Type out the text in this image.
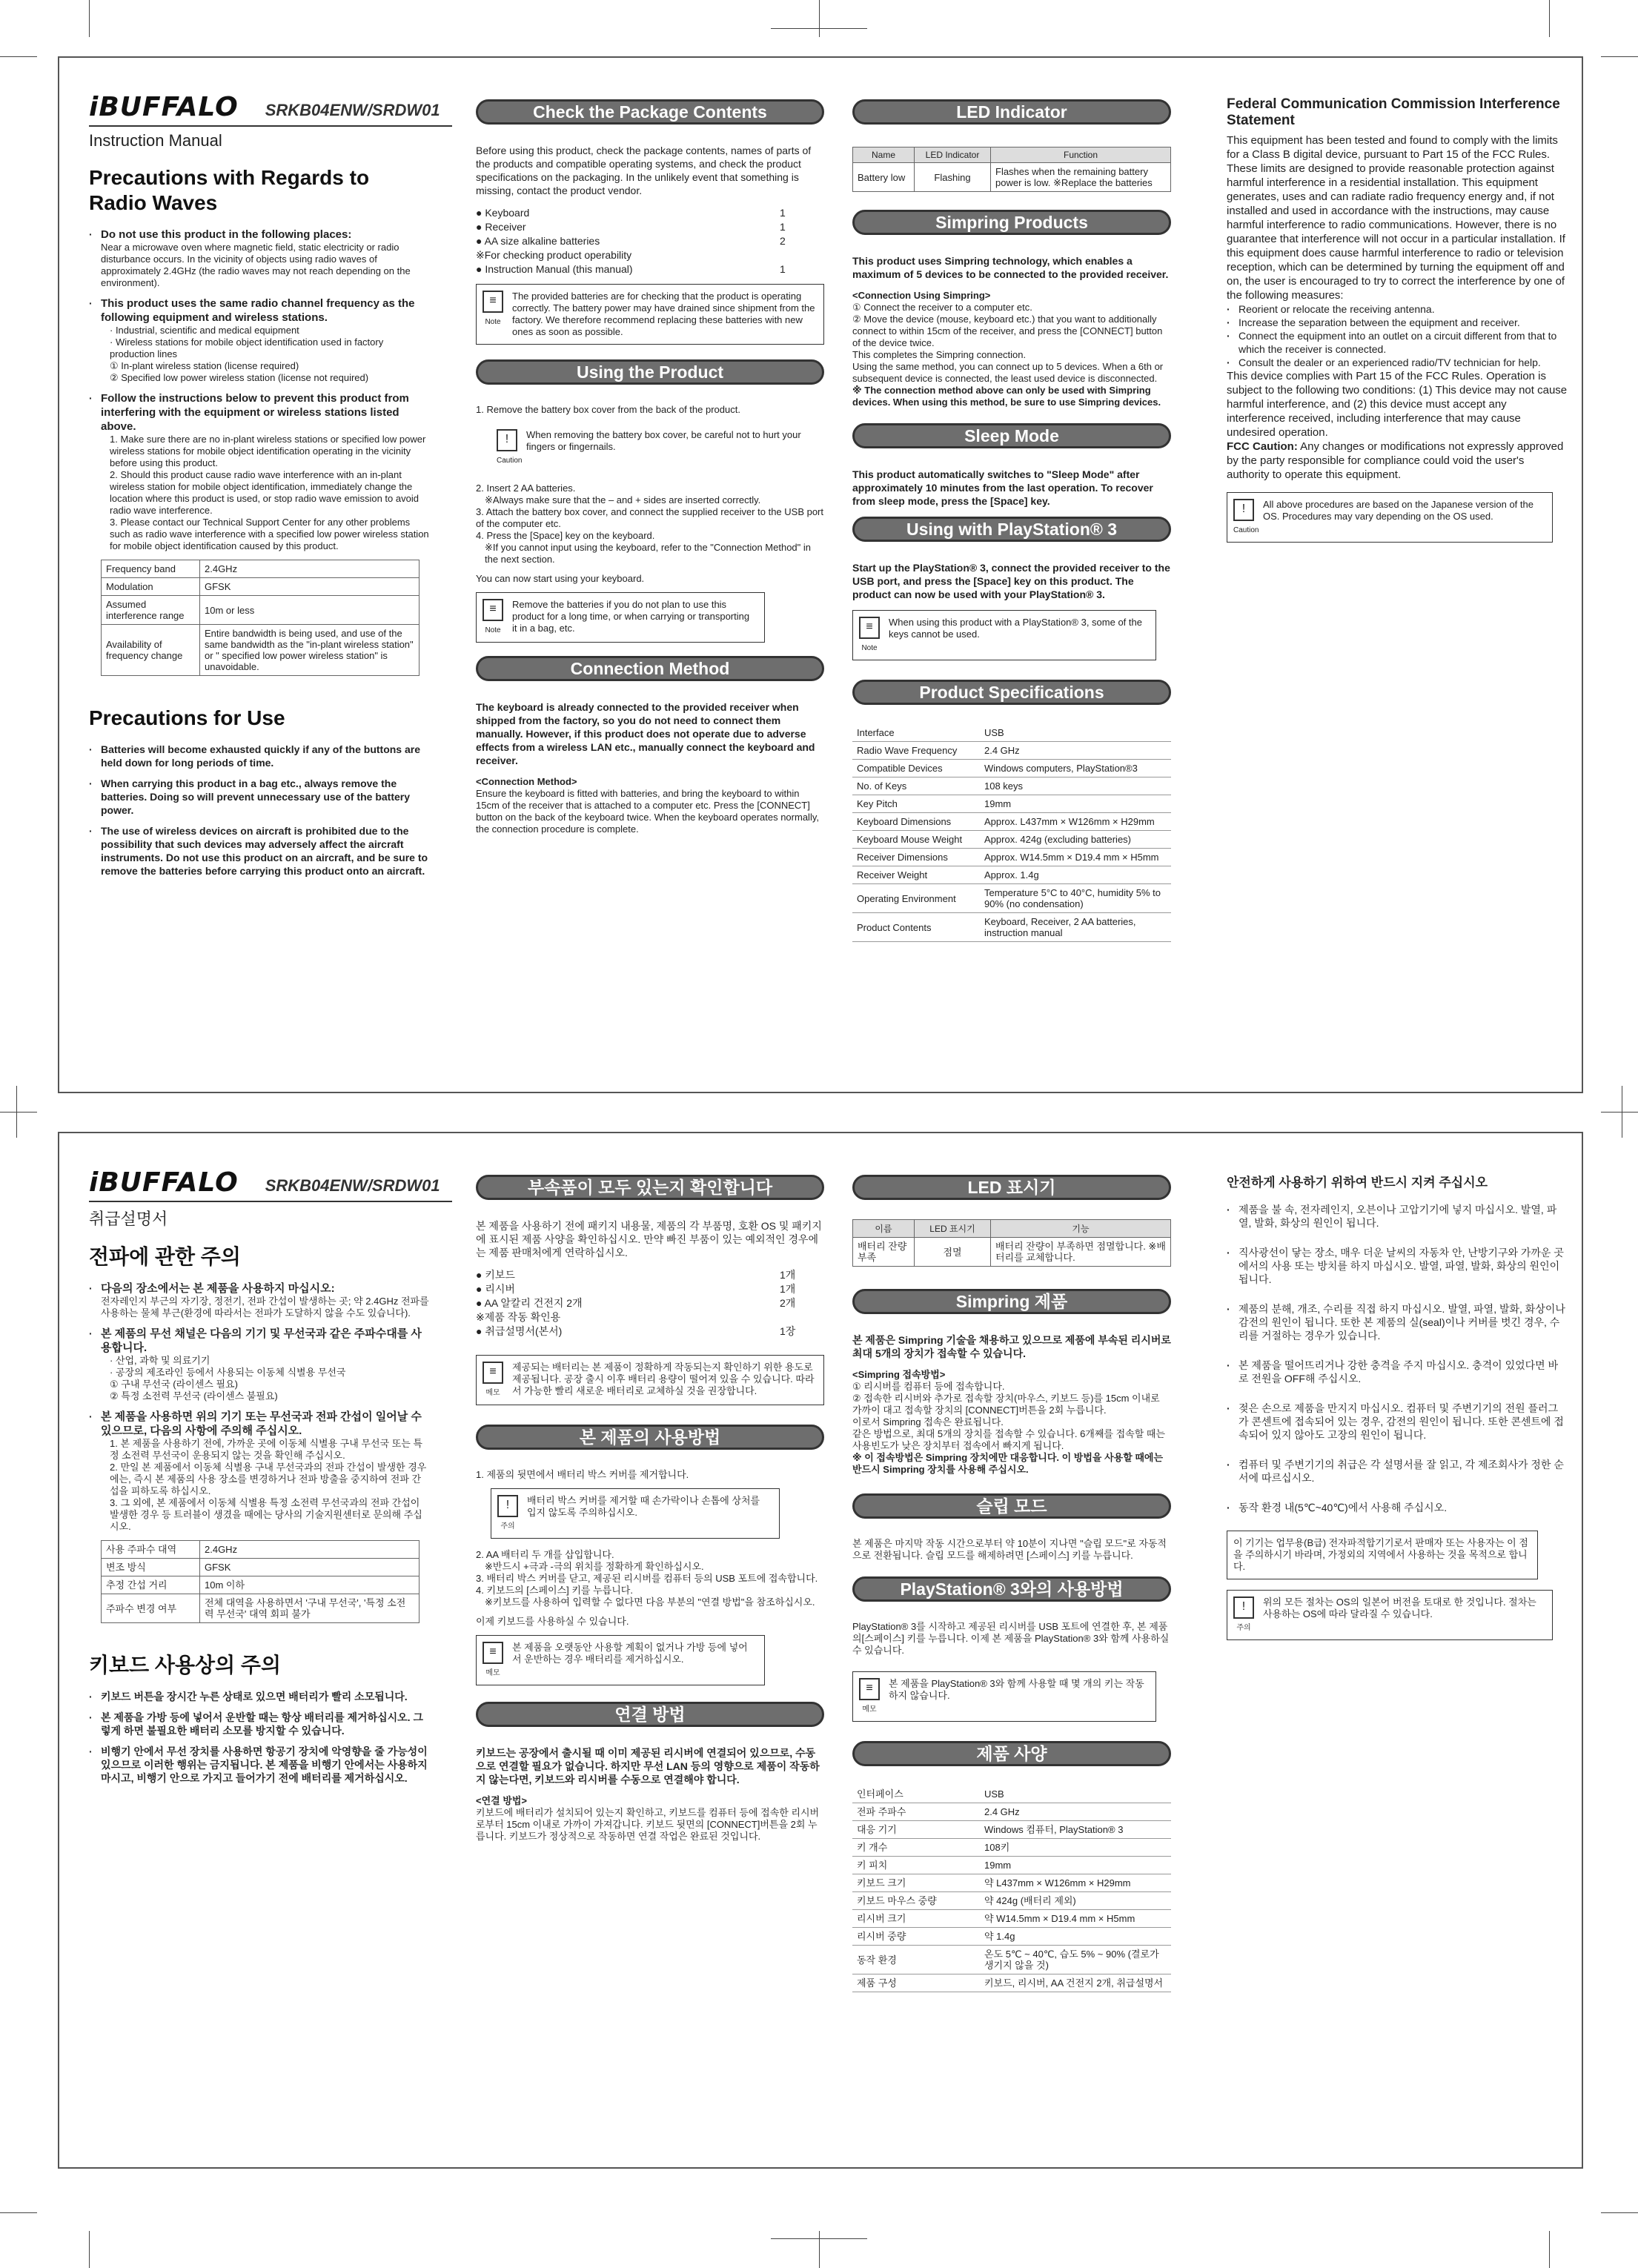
iBUFFALO SRKB04ENW/SRDW01
Instruction Manual
Precautions with Regards to Radio Waves
· Do not use this product in the following places:
Near a microwave oven where magnetic field, static electricity or radio disturbance occurs. In the vicinity of objects using radio waves of approximately 2.4GHz (the radio waves may not reach depending on the environment).
· This product uses the same radio channel frequency as the following equipment and wireless stations.
· Industrial, scientific and medical equipment
· Wireless stations for mobile object identification used in factory production lines
① In-plant wireless station (license required)
② Specified low power wireless station (license not required)
· Follow the instructions below to prevent this product from interfering with the equipment or wireless stations listed above.
1. Make sure there are no in-plant wireless stations or specified low power wireless stations for mobile object identification operating in the vicinity before using this product.
2. Should this product cause radio wave interference with an in-plant wireless station for mobile object identification, immediately change the location where this product is used, or stop radio wave emission to avoid radio wave interference.
3. Please contact our Technical Support Center for any other problems such as radio wave interference with a specified low power wireless station for mobile object identification caused by this product.
Frequency band	2.4GHz
Modulation	GFSK
Assumed interference range	10m or less
Availability of frequency change	Entire bandwidth is being used, and use of the same bandwidth as the "in-plant wireless station" or " specified low power wireless station" is unavoidable.
Precautions for Use
· Batteries will become exhausted quickly if any of the buttons are held down for long periods of time.
· When carrying this product in a bag etc., always remove the batteries. Doing so will prevent unnecessary use of the battery power.
· The use of wireless devices on aircraft is prohibited due to the possibility that such devices may adversely affect the aircraft instruments. Do not use this product on an aircraft, and be sure to remove the batteries before carrying this product onto an aircraft.
Check the Package Contents
Before using this product, check the package contents, names of parts of the products and compatible operating systems, and check the product specifications on the packaging. In the unlikely event that something is missing, contact the product vendor.
● Keyboard	1
● Receiver	1
● AA size alkaline batteries	2
※For checking product operability
● Instruction Manual (this manual)	1
≡
Note
The provided batteries are for checking that the product is operating correctly. The battery power may have drained since shipment from the factory. We therefore recommend replacing these batteries with new ones as soon as possible.
Using the Product
1. Remove the battery box cover from the back of the product.
!
Caution
When removing the battery box cover, be careful not to hurt your fingers or fingernails.
2. Insert 2 AA batteries.
※Always make sure that the – and + sides are inserted correctly.
3. Attach the battery box cover, and connect the supplied receiver to the USB port of the computer etc.
4. Press the [Space] key on the keyboard.
※If you cannot input using the keyboard, refer to the "Connection Method" in the next section.
You can now start using your keyboard.
≡
Note
Remove the batteries if you do not plan to use this product for a long time, or when carrying or transporting it in a bag, etc.
Connection Method
The keyboard is already connected to the provided receiver when shipped from the factory, so you do not need to connect them manually. However, if this product does not operate due to adverse effects from a wireless LAN etc., manually connect the keyboard and receiver.
<Connection Method>
Ensure the keyboard is fitted with batteries, and bring the keyboard to within 15cm of the receiver that is attached to a computer etc. Press the [CONNECT] button on the back of the keyboard twice. When the keyboard operates normally, the connection procedure is complete.
LED Indicator
Name	LED Indicator	Function
Battery low	Flashing	Flashes when the remaining battery power is low. ※Replace the batteries
Simpring Products
This product uses Simpring technology, which enables a maximum of 5 devices to be connected to the provided receiver.
<Connection Using Simpring>
① Connect the receiver to a computer etc.
② Move the device (mouse, keyboard etc.) that you want to additionally connect to within 15cm of the receiver, and press the [CONNECT] button of the device twice.
This completes the Simpring connection.
Using the same method, you can connect up to 5 devices. When a 6th or subsequent device is connected, the least used device is disconnected.
※ The connection method above can only be used with Simpring devices. When using this method, be sure to use Simpring devices.
Sleep Mode
This product automatically switches to "Sleep Mode" after approximately 10 minutes from the last operation. To recover from sleep mode, press the [Space] key.
Using with PlayStation® 3
Start up the PlayStation® 3, connect the provided receiver to the USB port, and press the [Space] key on this product. The product can now be used with your PlayStation® 3.
≡
Note
When using this product with a PlayStation® 3, some of the keys cannot be used.
Product Specifications
Interface	USB
Radio Wave Frequency	2.4 GHz
Compatible Devices	Windows computers, PlayStation®3
No. of Keys	108 keys
Key Pitch	19mm
Keyboard Dimensions	Approx. L437mm × W126mm × H29mm
Keyboard Mouse Weight	Approx. 424g (excluding batteries)
Receiver Dimensions	Approx. W14.5mm × D19.4 mm × H5mm
Receiver Weight	Approx. 1.4g
Operating Environment	Temperature 5°C to 40°C, humidity 5% to 90% (no condensation)
Product Contents	Keyboard, Receiver, 2 AA batteries, instruction manual
Federal Communication Commission Interference Statement
This equipment has been tested and found to comply with the limits for a Class B digital device, pursuant to Part 15 of the FCC Rules. These limits are designed to provide reasonable protection against harmful interference in a residential installation. This equipment generates, uses and can radiate radio frequency energy and, if not installed and used in accordance with the instructions, may cause harmful interference to radio communications. However, there is no guarantee that interference will not occur in a particular installation. If this equipment does cause harmful interference to radio or television reception, which can be determined by turning the equipment off and on, the user is encouraged to try to correct the interference by one of the following measures:
· Reorient or relocate the receiving antenna.
· Increase the separation between the equipment and receiver.
· Connect the equipment into an outlet on a circuit different from that to which the receiver is connected.
· Consult the dealer or an experienced radio/TV technician for help.
This device complies with Part 15 of the FCC Rules. Operation is subject to the following two conditions: (1) This device may not cause harmful interference, and (2) this device must accept any interference received, including interference that may cause undesired operation.
FCC Caution: Any changes or modifications not expressly approved by the party responsible for compliance could void the user's authority to operate this equipment.
!
Caution
All above procedures are based on the Japanese version of the OS. Procedures may vary depending on the OS used.
iBUFFALO SRKB04ENW/SRDW01
취급설명서
전파에 관한 주의
· 다음의 장소에서는 본 제품을 사용하지 마십시오:
전자레인지 부근의 자기장, 정전기, 전파 간섭이 발생하는 곳; 약 2.4GHz 전파를 사용하는 물체 부근(환경에 따라서는 전파가 도달하지 않을 수도 있습니다).
· 본 제품의 무선 채널은 다음의 기기 및 무선국과 같은 주파수대를 사용합니다.
· 산업, 과학 및 의료기기
· 공장의 제조라인 등에서 사용되는 이동체 식별용 무선국
① 구내 무선국 (라이센스 필요)
② 특정 소전력 무선국 (라이센스 불필요)
· 본 제품을 사용하면 위의 기기 또는 무선국과 전파 간섭이 일어날 수 있으므로, 다음의 사항에 주의해 주십시오.
1. 본 제품을 사용하기 전에, 가까운 곳에 이동체 식별용 구내 무선국 또는 특정 소전력 무선국이 운용되지 않는 것을 확인해 주십시오.
2. 만일 본 제품에서 이동체 식별용 구내 무선국과의 전파 간섭이 발생한 경우에는, 즉시 본 제품의 사용 장소를 변경하거나 전파 방출을 중지하여 전파 간섭을 피하도록 하십시오.
3. 그 외에, 본 제품에서 이동체 식별용 특정 소전력 무선국과의 전파 간섭이 발생한 경우 등 트러블이 생겼을 때에는 당사의 기술지원센터로 문의해 주십시오.
사용 주파수 대역	2.4GHz
변조 방식	GFSK
추정 간섭 거리	10m 이하
주파수 변경 여부	전체 대역을 사용하면서 '구내 무선국', '특정 소전력 무선국' 대역 회피 불가
키보드 사용상의 주의
· 키보드 버튼을 장시간 누른 상태로 있으면 배터리가 빨리 소모됩니다.
· 본 제품을 가방 등에 넣어서 운반할 때는 항상 배터리를 제거하십시오. 그렇게 하면 불필요한 배터리 소모를 방지할 수 있습니다.
· 비행기 안에서 무선 장치를 사용하면 항공기 장치에 악영향을 줄 가능성이 있으므로 이러한 행위는 금지됩니다. 본 제품을 비행기 안에서는 사용하지 마시고, 비행기 안으로 가지고 들어가기 전에 배터리를 제거하십시오.
부속품이 모두 있는지 확인합니다
본 제품을 사용하기 전에 패키지 내용물, 제품의 각 부품명, 호환 OS 및 패키지에 표시된 제품 사양을 확인하십시오. 만약 빠진 부품이 있는 예외적인 경우에는 제품 판매처에게 연락하십시오.
● 키보드	1개
● 리시버	1개
● AA 알칼리 건전지 2개	2개
※제품 작동 확인용
● 취급설명서(본서)	1장
≡
메모
제공되는 배터리는 본 제품이 정확하게 작동되는지 확인하기 위한 용도로 제공됩니다. 공장 출시 이후 배터리 용량이 떨어져 있을 수 있습니다. 따라서 가능한 빨리 새로운 배터리로 교체하실 것을 권장합니다.
본 제품의 사용방법
1. 제품의 뒷면에서 배터리 박스 커버를 제거합니다.
!
주의
배터리 박스 커버를 제거할 때 손가락이나 손톱에 상처를 입지 않도록 주의하십시오.
2. AA 배터리 두 개를 삽입합니다.
※반드시 +극과 -극의 위치를 정확하게 확인하십시오.
3. 배터리 박스 커버를 닫고, 제공된 리시버를 컴퓨터 등의 USB 포트에 접속합니다.
4. 키보드의 [스페이스] 키를 누릅니다.
※키보드를 사용하여 입력할 수 없다면 다음 부분의 "연결 방법"을 참조하십시오.
이제 키보드를 사용하실 수 있습니다.
≡
메모
본 제품을 오랫동안 사용할 계획이 없거나 가방 등에 넣어서 운반하는 경우 배터리를 제거하십시오.
연결 방법
키보드는 공장에서 출시될 때 이미 제공된 리시버에 연결되어 있으므로, 수동으로 연결할 필요가 없습니다. 하지만 무선 LAN 등의 영향으로 제품이 작동하지 않는다면, 키보드와 리시버를 수동으로 연결해야 합니다.
<연결 방법>
키보드에 배터리가 설치되어 있는지 확인하고, 키보드를 컴퓨터 등에 접속한 리시버로부터 15cm 이내로 가까이 가져갑니다. 키보드 뒷면의 [CONNECT]버튼을 2회 누릅니다. 키보드가 정상적으로 작동하면 연결 작업은 완료된 것입니다.
LED 표시기
이름	LED 표시기	기능
배터리 잔량 부족	점멸	배터리 잔량이 부족하면 점멸합니다. ※배터리를 교체합니다.
Simpring 제품
본 제품은 Simpring 기술을 채용하고 있으므로 제품에 부속된 리시버로 최대 5개의 장치가 접속할 수 있습니다.
<Simpring 접속방법>
① 리시버를 컴퓨터 등에 접속합니다.
② 접속한 리시버와 추가로 접속할 장치(마우스, 키보드 등)를 15cm 이내로 가까이 대고 접속할 장치의 [CONNECT]버튼을 2회 누릅니다.
이로서 Simpring 접속은 완료됩니다.
같은 방법으로, 최대 5개의 장치를 접속할 수 있습니다. 6개째를 접속할 때는 사용빈도가 낮은 장치부터 접속에서 빠지게 됩니다.
※ 이 접속방법은 Simpring 장치에만 대응합니다. 이 방법을 사용할 때에는 반드시 Simpring 장치를 사용해 주십시오.
슬립 모드
본 제품은 마지막 작동 시간으로부터 약 10분이 지나면 "슬립 모드"로 자동적으로 전환됩니다. 슬립 모드를 해제하려면 [스페이스] 키를 누릅니다.
PlayStation® 3와의 사용방법
PlayStation® 3를 시작하고 제공된 리시버를 USB 포트에 연결한 후, 본 제품의[스페이스] 키를 누릅니다. 이제 본 제품을 PlayStation® 3와 함께 사용하실 수 있습니다.
≡
메모
본 제품을 PlayStation® 3와 함께 사용할 때 몇 개의 키는 작동하지 않습니다.
제품 사양
인터페이스	USB
전파 주파수	2.4 GHz
대응 기기	Windows 컴퓨터, PlayStation® 3
키 개수	108키
키 피치	19mm
키보드 크기	약 L437mm × W126mm × H29mm
키보드 마우스 중량	약 424g (배터리 제외)
리시버 크기	약 W14.5mm × D19.4 mm × H5mm
리시버 중량	약 1.4g
동작 환경	온도 5℃ ~ 40℃, 습도 5% ~ 90% (결로가 생기지 않을 것)
제품 구성	키보드, 리시버, AA 건전지 2개, 취급설명서
안전하게 사용하기 위하여 반드시 지켜 주십시오
· 제품을 불 속, 전자레인지, 오븐이나 고압기기에 넣지 마십시오. 발열, 파열, 발화, 화상의 원인이 됩니다.
· 직사광선이 닿는 장소, 매우 더운 날씨의 자동차 안, 난방기구와 가까운 곳에서의 사용 또는 방치를 하지 마십시오. 발열, 파열, 발화, 화상의 원인이 됩니다.
· 제품의 분해, 개조, 수리를 직접 하지 마십시오. 발열, 파열, 발화, 화상이나 감전의 원인이 됩니다. 또한 본 제품의 실(seal)이나 커버를 벗긴 경우, 수리를 거절하는 경우가 있습니다.
· 본 제품을 떨어뜨리거나 강한 충격을 주지 마십시오. 충격이 있었다면 바로 전원을 OFF해 주십시오.
· 젖은 손으로 제품을 만지지 마십시오. 컴퓨터 및 주변기기의 전원 플러그가 콘센트에 접속되어 있는 경우, 감전의 원인이 됩니다. 또한 콘센트에 접속되어 있지 않아도 고장의 원인이 됩니다.
· 컴퓨터 및 주변기기의 취급은 각 설명서를 잘 읽고, 각 제조회사가 정한 순서에 따르십시오.
· 동작 환경 내(5℃~40℃)에서 사용해 주십시오.
이 기기는 업무용(B급) 전자파적합기기로서 판매자 또는 사용자는 이 점을 주의하시기 바라며, 가정외의 지역에서 사용하는 것을 목적으로 합니다.
!
주의
위의 모든 절차는 OS의 일본어 버전을 토대로 한 것입니다. 절차는 사용하는 OS에 따라 달라질 수 있습니다.
